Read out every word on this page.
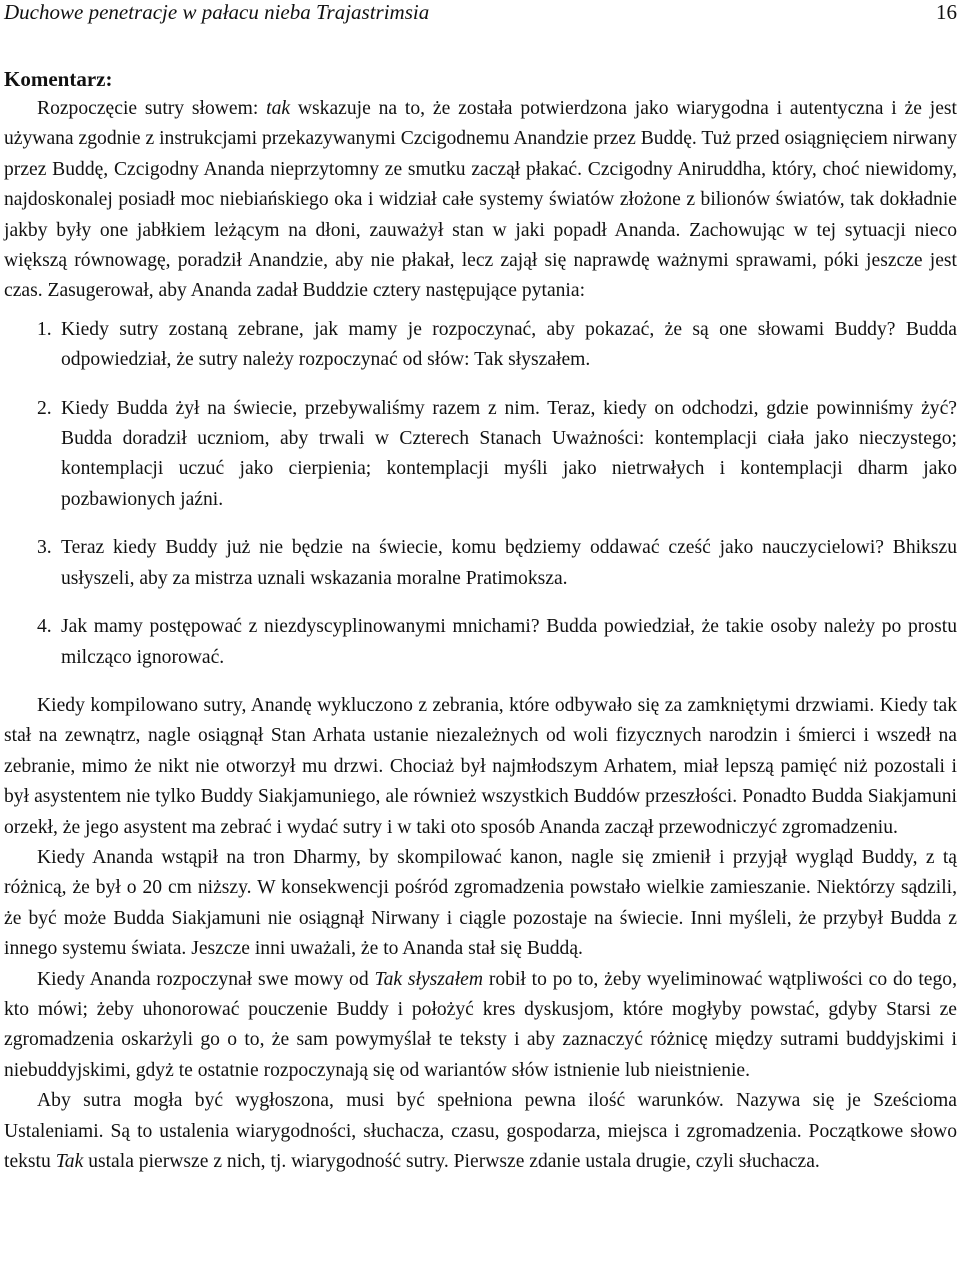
Duchowe penetracje w pałacu nieba Trajastrimsia	16
Komentarz:

Rozpoczęcie sutry słowem: tak wskazuje na to, że została potwierdzona jako wiarygodna i autentyczna i że jest używana zgodnie z instrukcjami przekazywanymi Czcigodnemu Anandzie przez Buddę. Tuż przed osiągnięciem nirwany przez Buddę, Czcigodny Ananda nieprzytomny ze smutku zaczął płakać. Czcigodny Aniruddha, który, choć niewidomy, najdoskonalej posiadł moc niebiańskiego oka i widział całe systemy światów złożone z bilionów światów, tak dokładnie jakby były one jabłkiem leżącym na dłoni, zauważył stan w jaki popadł Ananda. Zachowując w tej sytuacji nieco większą równowagę, poradził Anandzie, aby nie płakał, lecz zajął się naprawdę ważnymi sprawami, póki jeszcze jest czas. Zasugerował, aby Ananda zadał Buddzie cztery następujące pytania:

1. Kiedy sutry zostaną zebrane, jak mamy je rozpoczynać, aby pokazać, że są one słowami Buddy? Budda odpowiedział, że sutry należy rozpoczynać od słów: Tak słyszałem.

2. Kiedy Budda żył na świecie, przebywaliśmy razem z nim. Teraz, kiedy on odchodzi, gdzie powinniśmy żyć? Budda doradził uczniom, aby trwali w Czterech Stanach Uważności: kontemplacji ciała jako nieczystego; kontemplacji uczuć jako cierpienia; kontemplacji myśli jako nietrwałych i kontemplacji dharm jako pozbawionych jaźni.

3. Teraz kiedy Buddy już nie będzie na świecie, komu będziemy oddawać cześć jako nauczycielowi? Bhikszu usłyszeli, aby za mistrza uznali wskazania moralne Pratimoksza.

4. Jak mamy postępować z niezdyscyplinowanymi mnichami? Budda powiedział, że takie osoby należy po prostu milcząco ignorować.

Kiedy kompilowano sutry, Anandę wykluczono z zebrania, które odbywało się za zamkniętymi drzwiami. Kiedy tak stał na zewnątrz, nagle osiągnął Stan Arhata ustanie niezależnych od woli fizycznych narodzin i śmierci i wszedł na zebranie, mimo że nikt nie otworzył mu drzwi. Chociaż był najmłodszym Arhatem, miał lepszą pamięć niż pozostali i był asystentem nie tylko Buddy Siakjamuniego, ale również wszystkich Buddów przeszłości. Ponadto Budda Siakjamuni orzekł, że jego asystent ma zebrać i wydać sutry i w taki oto sposób Ananda zaczął przewodniczyć zgromadzeniu.

Kiedy Ananda wstąpił na tron Dharmy, by skompilować kanon, nagle się zmienił i przyjął wygląd Buddy, z tą różnicą, że był o 20 cm niższy. W konsekwencji pośród zgromadzenia powstało wielkie zamieszanie. Niektórzy sądzili, że być może Budda Siakjamuni nie osiągnął Nirwany i ciągle pozostaje na świecie. Inni myśleli, że przybył Budda z innego systemu świata. Jeszcze inni uważali, że to Ananda stał się Buddą.

Kiedy Ananda rozpoczynał swe mowy od Tak słyszałem robił to po to, żeby wyeliminować wątpliwości co do tego, kto mówi; żeby uhonorować pouczenie Buddy i położyć kres dyskusjom, które mogłyby powstać, gdyby Starsi ze zgromadzenia oskarżyli go o to, że sam powymyślał te teksty i aby zaznaczyć różnicę między sutrami buddyjskimi i niebuddyjskimi, gdyż te ostatnie rozpoczynają się od wariantów słów istnienie lub nieistnienie.

Aby sutra mogła być wygłoszona, musi być spełniona pewna ilość warunków. Nazywa się je Sześcioma Ustaleniami. Są to ustalenia wiarygodności, słuchacza, czasu, gospodarza, miejsca i zgromadzenia. Początkowe słowo tekstu Tak ustala pierwsze z nich, tj. wiarygodność sutry. Pierwsze zdanie ustala drugie, czyli słuchacza.
